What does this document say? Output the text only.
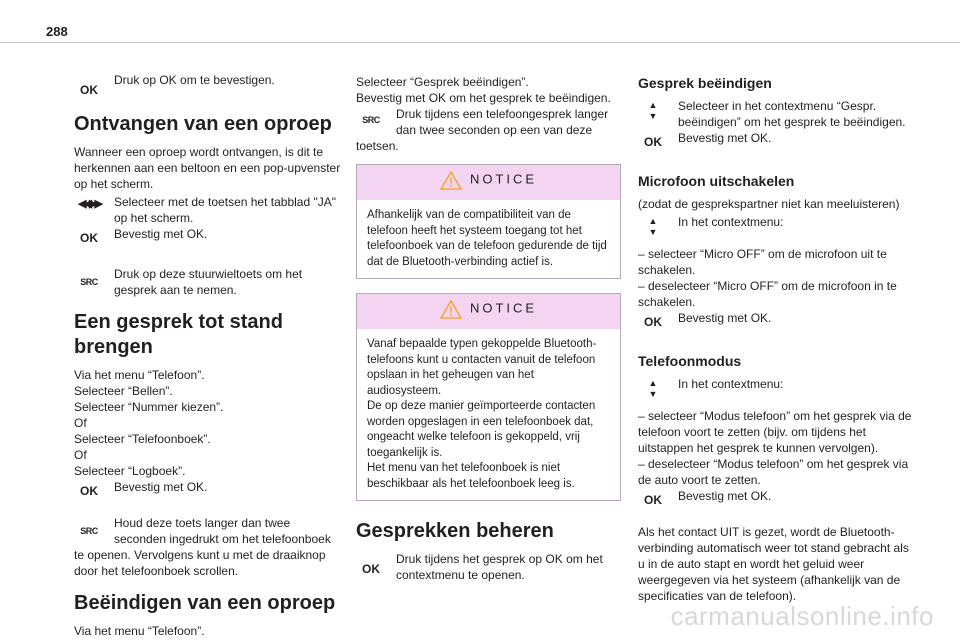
288
OK

Druk op OK om te bevestigen.

Ontvangen van een oproep

Wanneer een oproep wordt ontvangen, is dit te herkennen aan een beltoon en een pop-upvenster op het scherm.

◀◀ ▶▶	Selecteer met de toetsen het tabblad "JA" op het scherm.

OK	Bevestig met OK.

SRC

Druk op deze stuurwieltoets om het gesprek aan te nemen.

Een gesprek tot stand brengen

Via het menu “Telefoon”.

Selecteer “Bellen”.

Selecteer “Nummer kiezen”.

Of

Selecteer “Telefoonboek”.

Of

Selecteer “Logboek”.

OK	Bevestig met OK.

SRC

Houd deze toets langer dan twee seconden ingedrukt om het telefoonboek te openen. Vervolgens kunt u met de draaiknop door het telefoonboek scrollen.

Beëindigen van een oproep

Via het menu “Telefoon”.

Selecteer “Gesprek beëindigen”.

Bevestig met OK om het gesprek te beëindigen.

SRC	Druk tijdens een telefoongesprek langer dan twee seconden op een van deze toetsen.

NOTICE
Afhankelijk van de compatibiliteit van de telefoon heeft het systeem toegang tot het telefoonboek van de telefoon gedurende de tijd dat de Bluetooth-verbinding actief is.
NOTICE

Vanaf bepaalde typen gekoppelde Bluetooth-telefoons kunt u contacten vanuit de telefoon opslaan in het geheugen van het audiosysteem.

De op deze manier geïmporteerde contacten worden opgeslagen in een telefoonboek dat, ongeacht welke telefoon is gekoppeld, vrij toegankelijk is.

Het menu van het telefoonboek is niet beschikbaar als het telefoonboek leeg is.

Gesprekken beheren
OK

Druk tijdens het gesprek op OK om het contextmenu te openen.

Gesprek beëindigen
▲
▼

Selecteer in het contextmenu “Gespr. beëindigen” om het gesprek te beëindigen.

OK	Bevestig met OK.

Microfoon uitschakelen

(zodat de gesprekspartner niet kan meeluisteren)

▲
▼

In het contextmenu:

– selecteer “Micro OFF” om de microfoon uit te schakelen.

– deselecteer “Micro OFF” om de microfoon in te schakelen.

OK	Bevestig met OK.

Telefoonmodus
▲
▼

In het contextmenu:

– selecteer “Modus telefoon” om het gesprek via de telefoon voort te zetten (bijv. om tijdens het uitstappen het gesprek te kunnen vervolgen).

– deselecteer “Modus telefoon” om het gesprek via de auto voort te zetten.

OK	Bevestig met OK.

Als het contact UIT is gezet, wordt de Bluetooth-verbinding automatisch weer tot stand gebracht als u in de auto stapt en wordt het geluid weer weergegeven via het systeem (afhankelijk van de specificaties van de telefoon).

carmanualsonline.info
